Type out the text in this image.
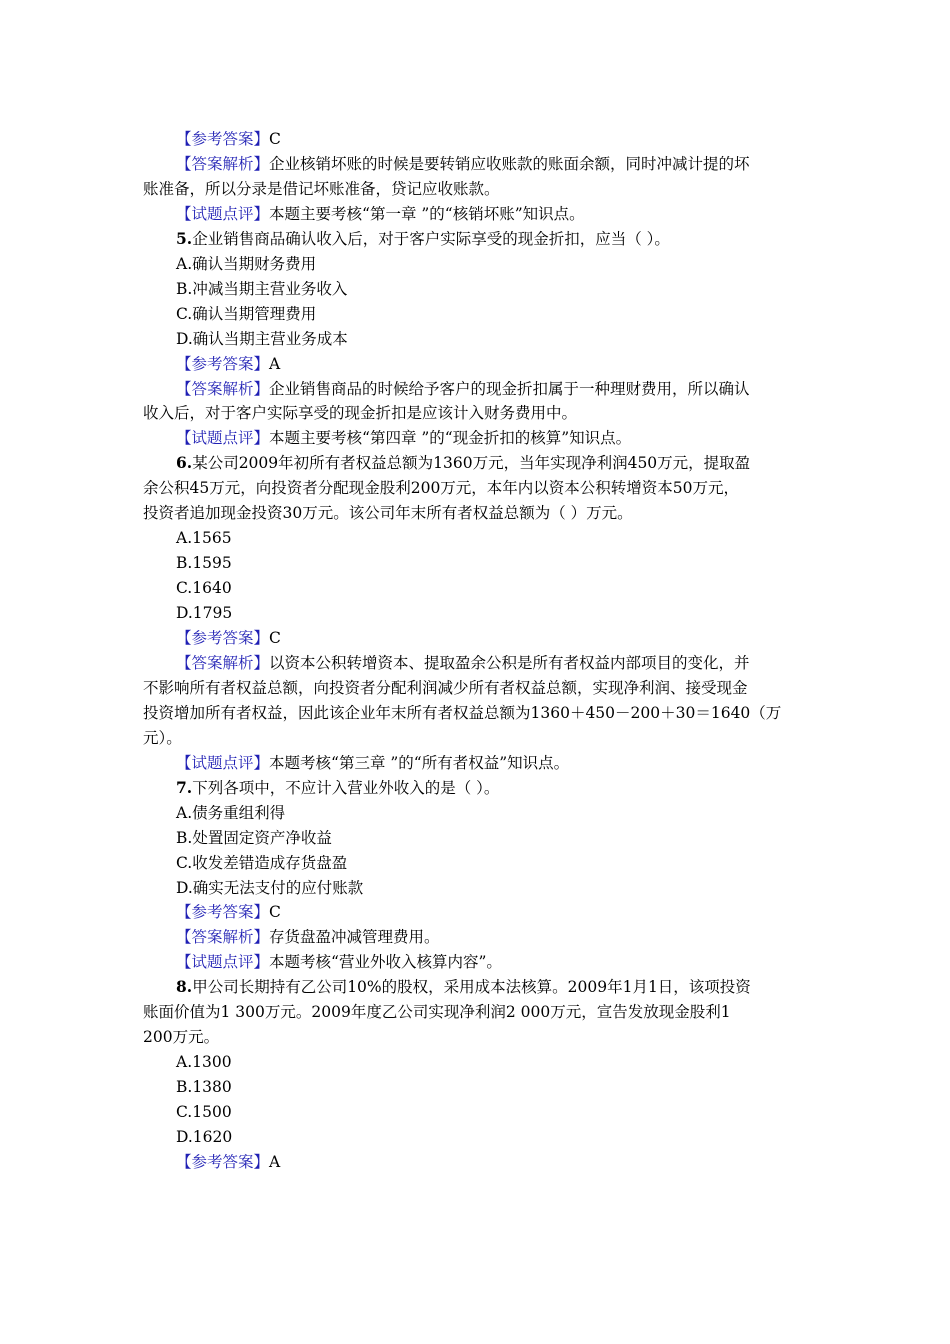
【参考答案】C

【答案解析】企业核销坏账的时候是要转销应收账款的账面余额，同时冲减计提的坏

账准备，所以分录是借记坏账准备，贷记应收账款。

【试题点评】本题主要考核“第一章 ”的“核销坏账”知识点。

5.企业销售商品确认收入后，对于客户实际享受的现金折扣，应当（ ）。

A.确认当期财务费用

B.冲减当期主营业务收入

C.确认当期管理费用

D.确认当期主营业务成本

【参考答案】A

【答案解析】企业销售商品的时候给予客户的现金折扣属于一种理财费用，所以确认

收入后，对于客户实际享受的现金折扣是应该计入财务费用中。

【试题点评】本题主要考核“第四章 ”的“现金折扣的核算”知识点。

6.某公司2009年初所有者权益总额为1360万元，当年实现净利润450万元，提取盈

余公积45万元，向投资者分配现金股利200万元，本年内以资本公积转增资本50万元，

投资者追加现金投资30万元。该公司年末所有者权益总额为（ ）万元。

A.1565

B.1595

C.1640

D.1795

【参考答案】C

【答案解析】以资本公积转增资本、提取盈余公积是所有者权益内部项目的变化，并

不影响所有者权益总额，向投资者分配利润减少所有者权益总额，实现净利润、接受现金

投资增加所有者权益，因此该企业年末所有者权益总额为1360＋450－200＋30＝1640（万

元）。

【试题点评】本题考核“第三章 ”的“所有者权益”知识点。

7.下列各项中，不应计入营业外收入的是（ ）。

A.债务重组利得

B.处置固定资产净收益

C.收发差错造成存货盘盈

D.确实无法支付的应付账款

【参考答案】C

【答案解析】存货盘盈冲减管理费用。

【试题点评】本题考核“营业外收入核算内容”。

8.甲公司长期持有乙公司10%的股权，采用成本法核算。2009年1月1日，该项投资

账面价值为1 300万元。2009年度乙公司实现净利润2 000万元，宣告发放现金股利1

200万元。

A.1300

B.1380

C.1500

D.1620

【参考答案】A
